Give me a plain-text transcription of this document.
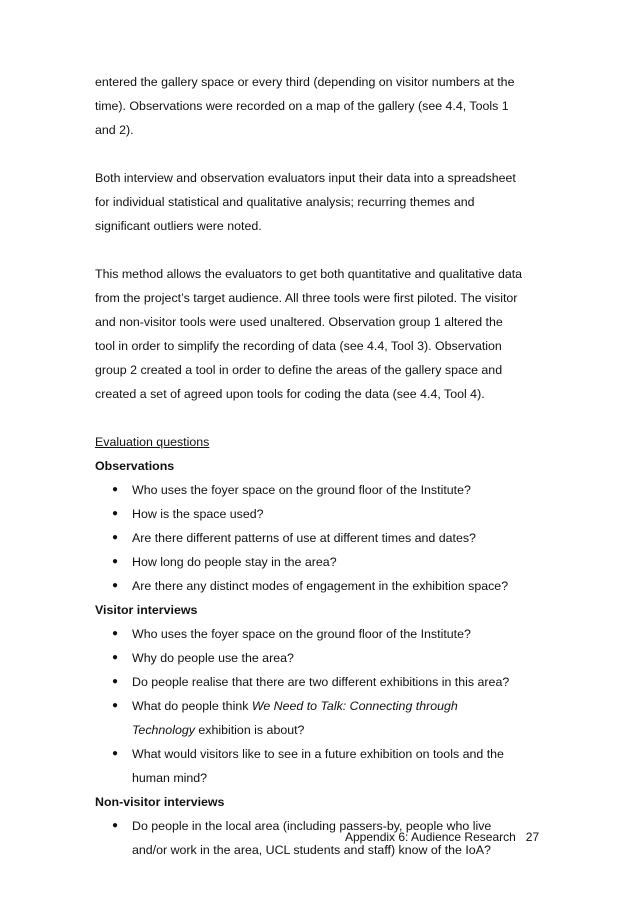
entered the gallery space or every third (depending on visitor numbers at the
time). Observations were recorded on a map of the gallery (see 4.4, Tools 1
and 2).

Both interview and observation evaluators input their data into a spreadsheet
for individual statistical and qualitative analysis; recurring themes and
significant outliers were noted.

This method allows the evaluators to get both quantitative and qualitative data
from the project’s target audience. All three tools were first piloted. The visitor
and non-visitor tools were used unaltered. Observation group 1 altered the
tool in order to simplify the recording of data (see 4.4, Tool 3). Observation
group 2 created a tool in order to define the areas of the gallery space and
created a set of agreed upon tools for coding the data (see 4.4, Tool 4).

Evaluation questions
Observations
● Who uses the foyer space on the ground floor of the Institute?
● How is the space used?
● Are there different patterns of use at different times and dates?
● How long do people stay in the area?
● Are there any distinct modes of engagement in the exhibition space?
Visitor interviews
● Who uses the foyer space on the ground floor of the Institute?
● Why do people use the area?
● Do people realise that there are two different exhibitions in this area?
● What do people think We Need to Talk: Connecting through
Technology exhibition is about?
● What would visitors like to see in a future exhibition on tools and the
human mind?
Non-visitor interviews
● Do people in the local area (including passers-by, people who live
and/or work in the area, UCL students and staff) know of the IoA?
Appendix 6: Audience Research 27
